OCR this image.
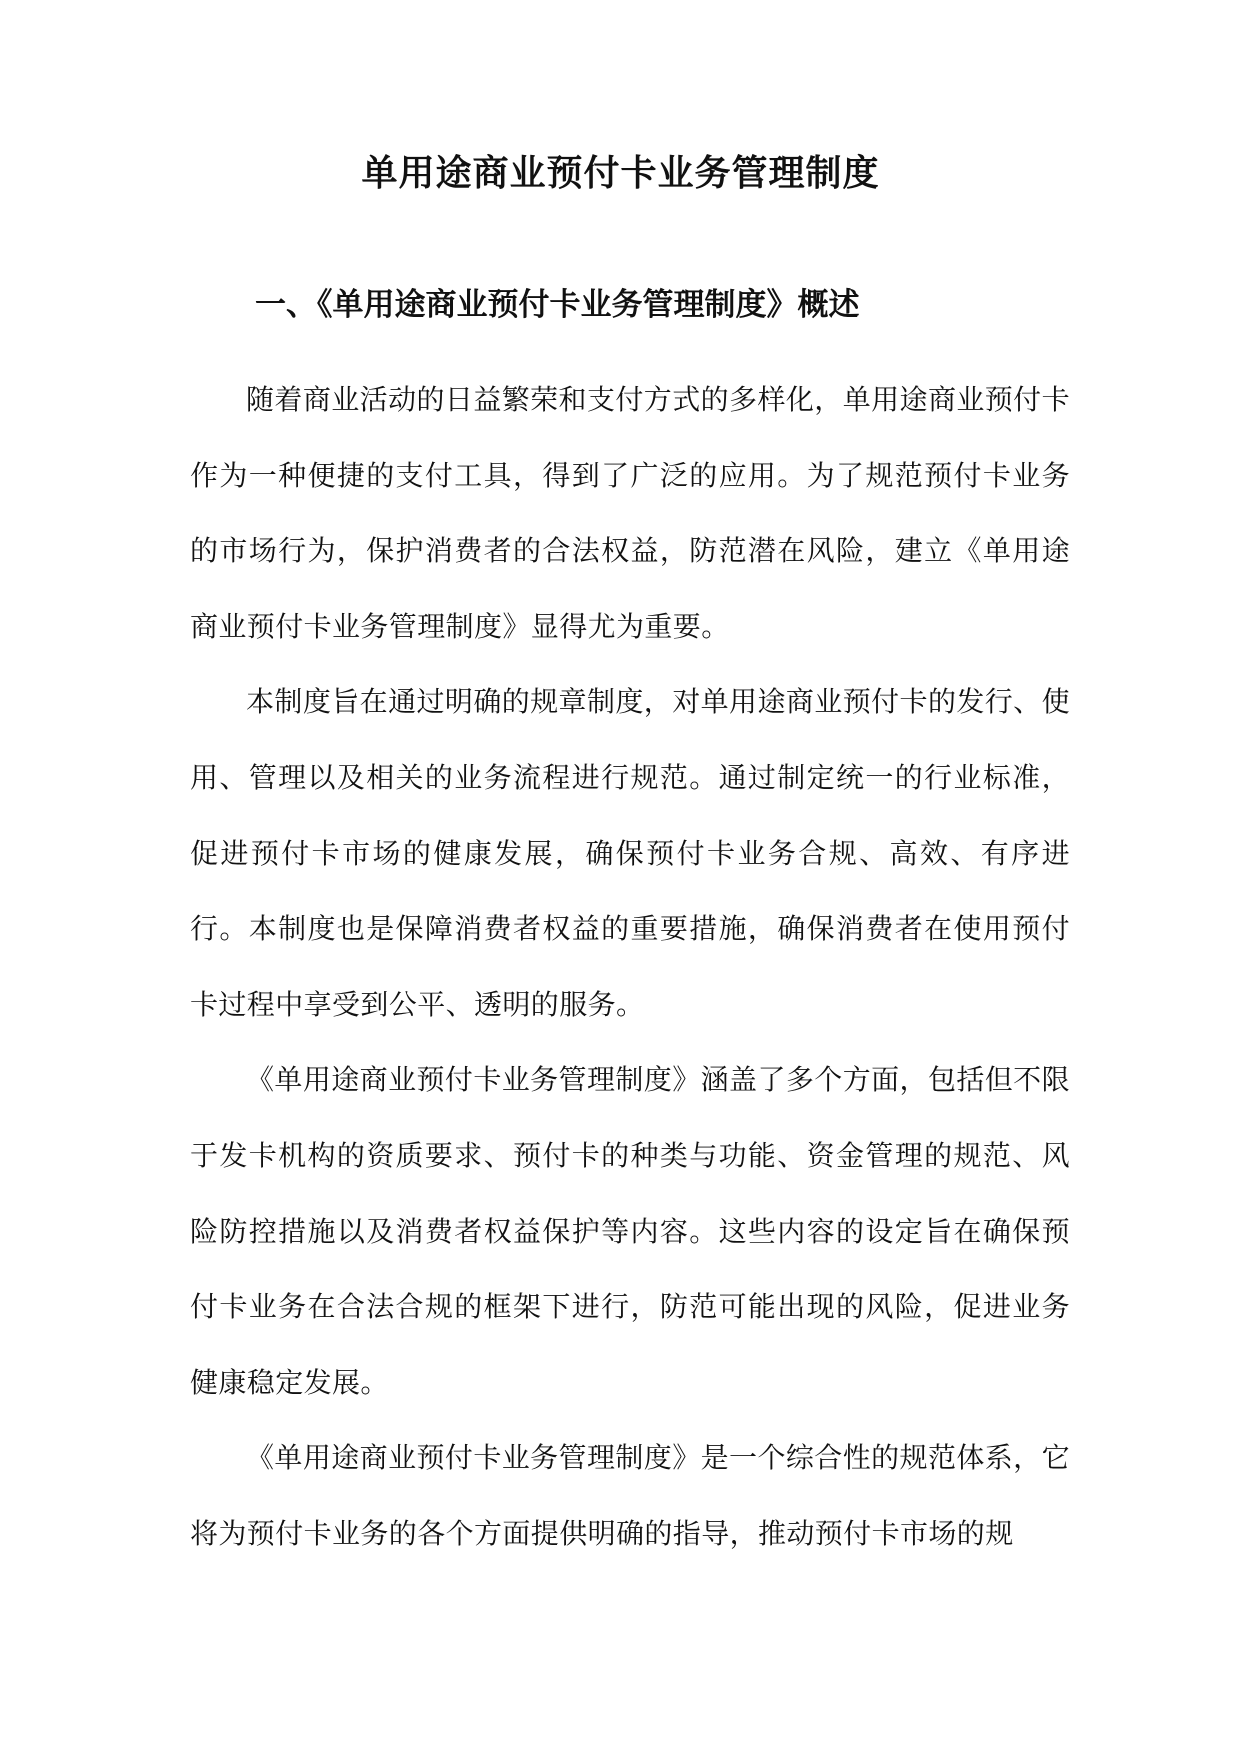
单用途商业预付卡业务管理制度
一、《单用途商业预付卡业务管理制度》概述

随着商业活动的日益繁荣和支付方式的多样化，单用途商业预付卡作为一种便捷的支付工具，得到了广泛的应用。为了规范预付卡业务的市场行为，保护消费者的合法权益，防范潜在风险，建立《单用途商业预付卡业务管理制度》显得尤为重要。

本制度旨在通过明确的规章制度，对单用途商业预付卡的发行、使用、管理以及相关的业务流程进行规范。通过制定统一的行业标准，促进预付卡市场的健康发展，确保预付卡业务合规、高效、有序进行。本制度也是保障消费者权益的重要措施，确保消费者在使用预付卡过程中享受到公平、透明的服务。

《单用途商业预付卡业务管理制度》涵盖了多个方面，包括但不限于发卡机构的资质要求、预付卡的种类与功能、资金管理的规范、风险防控措施以及消费者权益保护等内容。这些内容的设定旨在确保预付卡业务在合法合规的框架下进行，防范可能出现的风险，促进业务健康稳定发展。

《单用途商业预付卡业务管理制度》是一个综合性的规范体系，它将为预付卡业务的各个方面提供明确的指导，推动预付卡市场的规
